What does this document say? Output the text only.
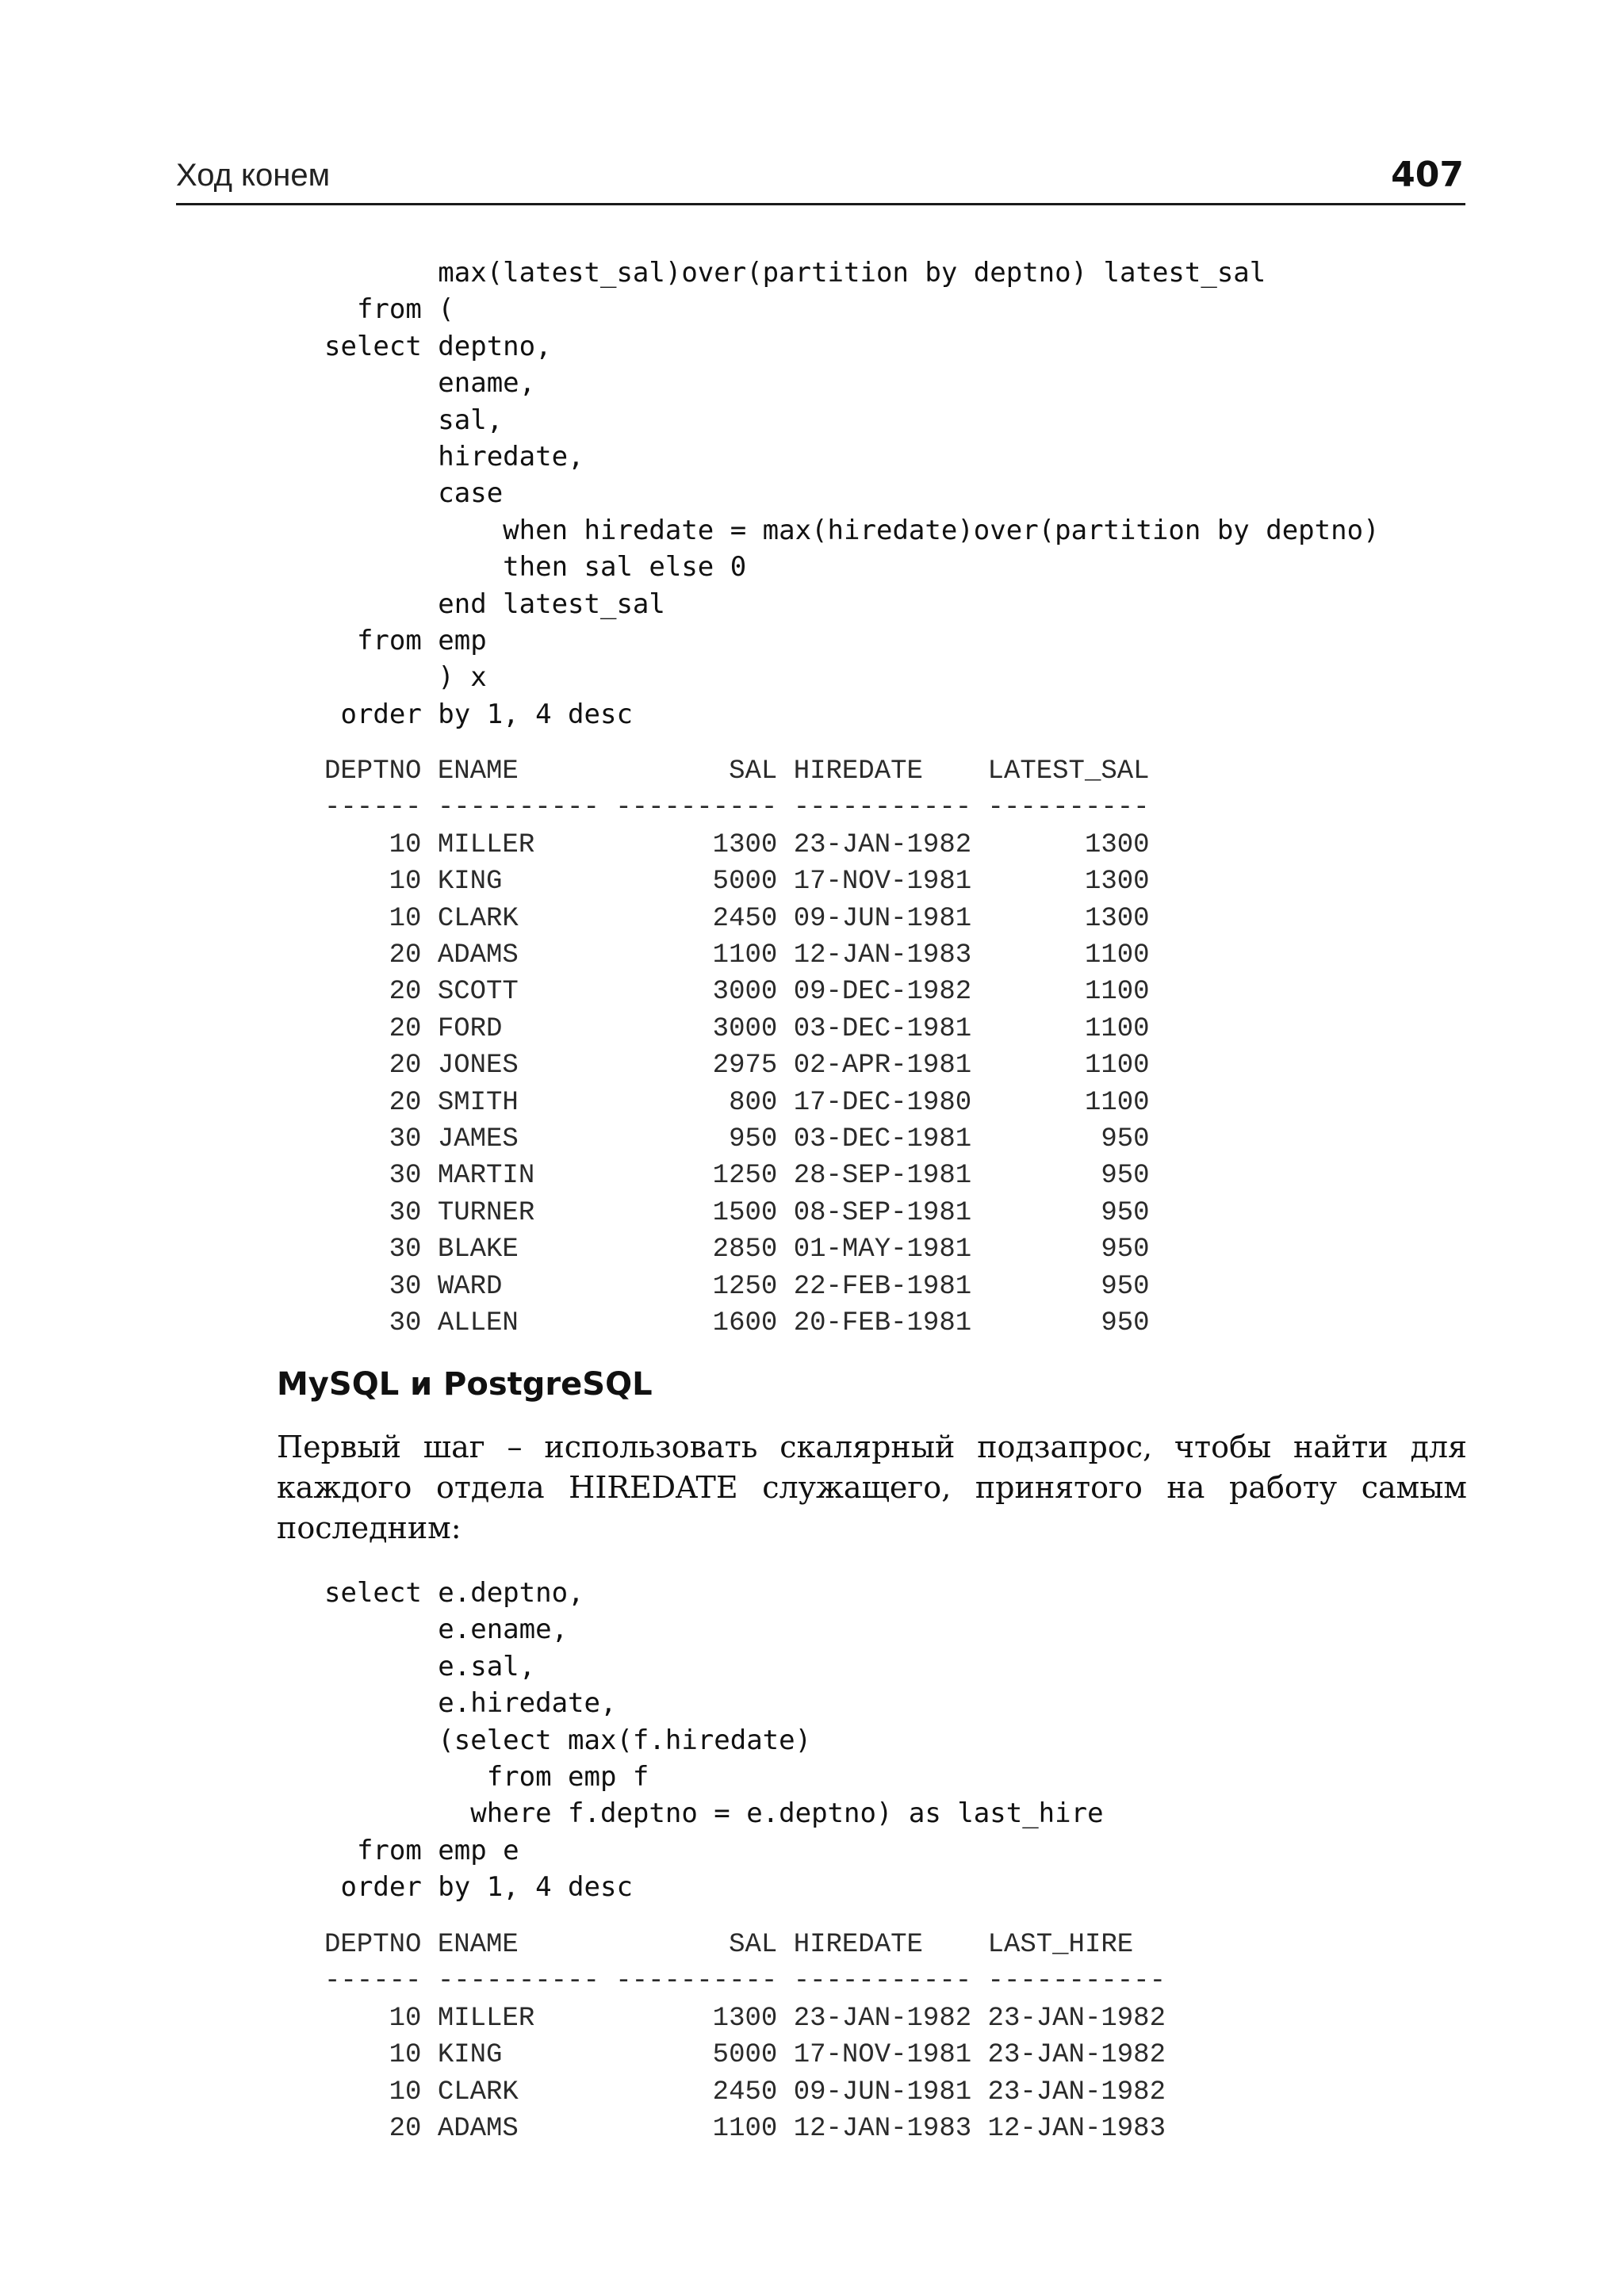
Ход конем	407
max(latest_sal)over(partition by deptno) latest_sal
from (
select deptno,
ename,
sal,
hiredate,
case
when hiredate = max(hiredate)over(partition by deptno)
then sal else 0
end latest_sal
from emp
) x
order by 1, 4 desc
DEPTNO ENAME             SAL HIREDATE    LATEST_SAL
------ ---------- ---------- ----------- ----------
10 MILLER           1300 23-JAN-1982       1300
10 KING             5000 17-NOV-1981       1300
10 CLARK            2450 09-JUN-1981       1300
20 ADAMS            1100 12-JAN-1983       1100
20 SCOTT            3000 09-DEC-1982       1100
20 FORD             3000 03-DEC-1981       1100
20 JONES            2975 02-APR-1981       1100
20 SMITH             800 17-DEC-1980       1100
30 JAMES             950 03-DEC-1981        950
30 MARTIN           1250 28-SEP-1981        950
30 TURNER           1500 08-SEP-1981        950
30 BLAKE            2850 01-MAY-1981        950
30 WARD             1250 22-FEB-1981        950
30 ALLEN            1600 20-FEB-1981        950
MySQL и PostgreSQL

Первый шаг – использовать скалярный подзапрос, чтобы найти для каждого отдела HIREDATE служащего, принятого на работу самым последним:

select e.deptno,
e.ename,
e.sal,
e.hiredate,
(select max(f.hiredate)
from emp f
where f.deptno = e.deptno) as last_hire
from emp e
order by 1, 4 desc
DEPTNO ENAME             SAL HIREDATE    LAST_HIRE
------ ---------- ---------- ----------- -----------
10 MILLER           1300 23-JAN-1982 23-JAN-1982
10 KING             5000 17-NOV-1981 23-JAN-1982
10 CLARK            2450 09-JUN-1981 23-JAN-1982
20 ADAMS            1100 12-JAN-1983 12-JAN-1983
